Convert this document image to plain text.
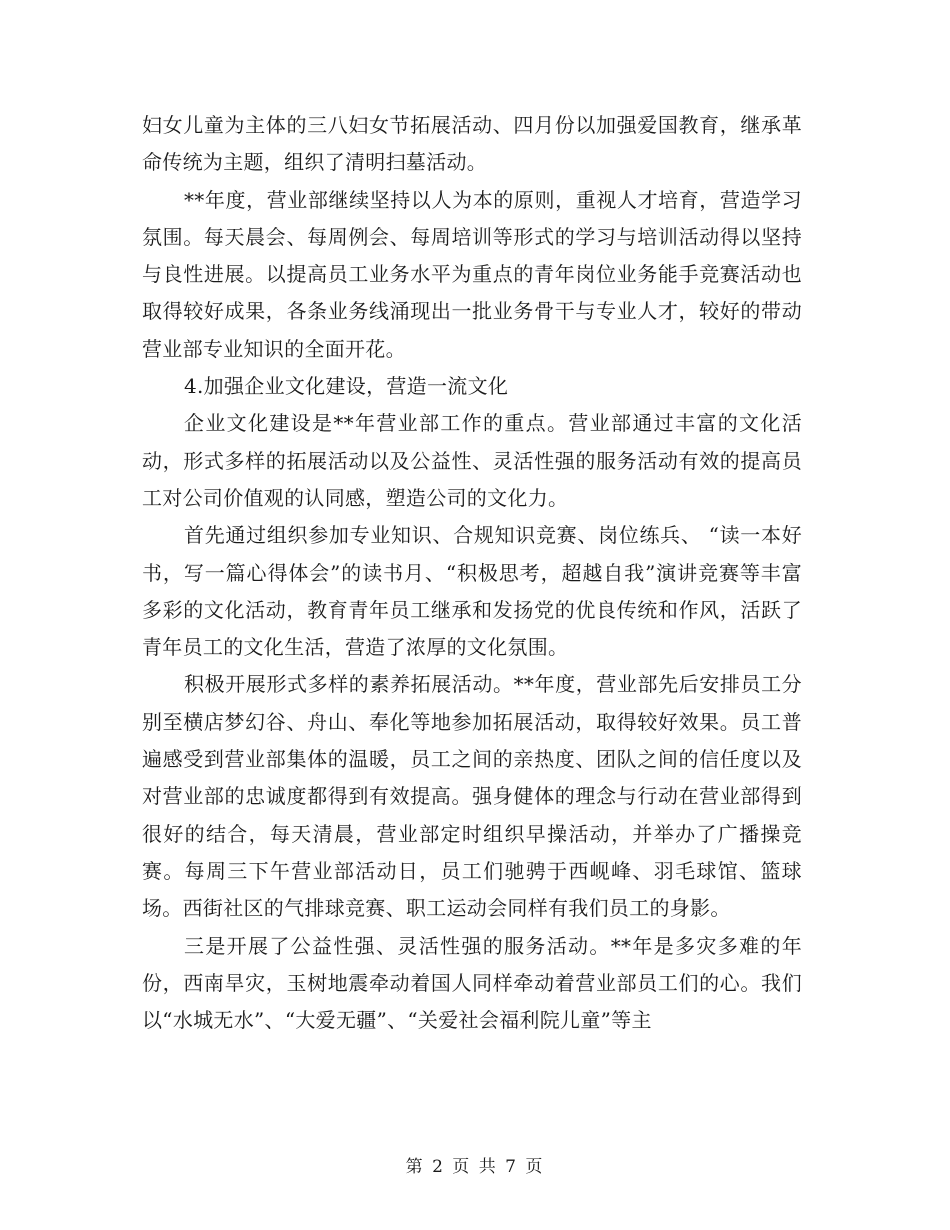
妇女儿童为主体的三八妇女节拓展活动、四月份以加强爱国教育，继承革命传统为主题，组织了清明扫墓活动。

**年度，营业部继续坚持以人为本的原则，重视人才培育，营造学习氛围。每天晨会、每周例会、每周培训等形式的学习与培训活动得以坚持与良性进展。以提高员工业务水平为重点的青年岗位业务能手竞赛活动也取得较好成果，各条业务线涌现出一批业务骨干与专业人才，较好的带动营业部专业知识的全面开花。

4.加强企业文化建设，营造一流文化

企业文化建设是**年营业部工作的重点。营业部通过丰富的文化活动，形式多样的拓展活动以及公益性、灵活性强的服务活动有效的提高员工对公司价值观的认同感，塑造公司的文化力。

首先通过组织参加专业知识、合规知识竞赛、岗位练兵、 “读一本好书，写一篇心得体会”的读书月、“积极思考，超越自我”演讲竞赛等丰富多彩的文化活动，教育青年员工继承和发扬党的优良传统和作风，活跃了青年员工的文化生活，营造了浓厚的文化氛围。

积极开展形式多样的素养拓展活动。**年度，营业部先后安排员工分别至横店梦幻谷、舟山、奉化等地参加拓展活动，取得较好效果。员工普遍感受到营业部集体的温暖，员工之间的亲热度、团队之间的信任度以及对营业部的忠诚度都得到有效提高。强身健体的理念与行动在营业部得到很好的结合，每天清晨，营业部定时组织早操活动，并举办了广播操竞赛。每周三下午营业部活动日，员工们驰骋于西岘峰、羽毛球馆、篮球场。西街社区的气排球竞赛、职工运动会同样有我们员工的身影。

三是开展了公益性强、灵活性强的服务活动。**年是多灾多难的年份，西南旱灾，玉树地震牵动着国人同样牵动着营业部员工们的心。我们以“水城无水”、“大爱无疆”、“关爱社会福利院儿童”等主

第 2 页 共 7 页
